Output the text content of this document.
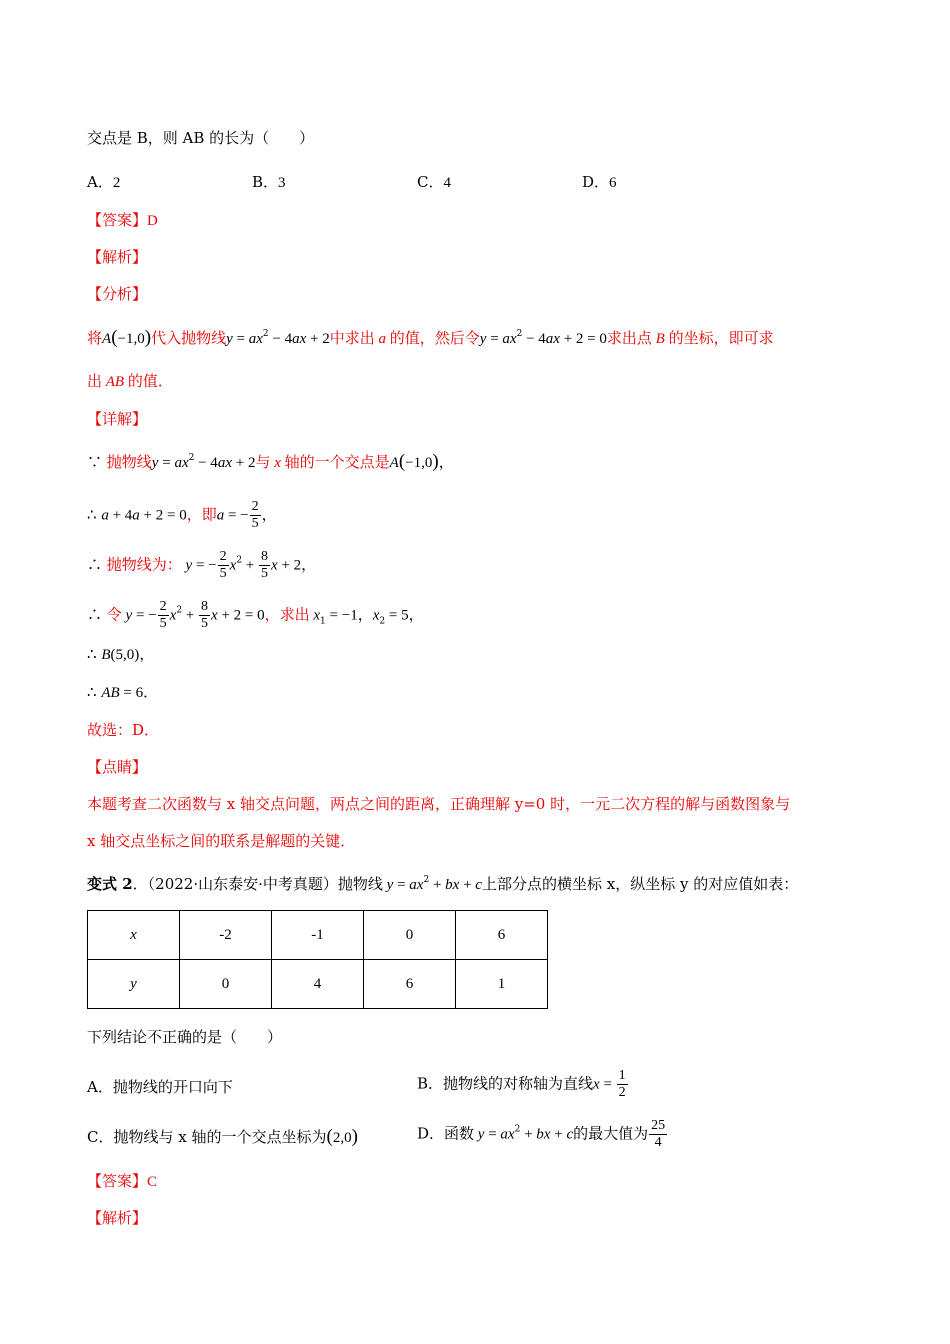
交点是 B，则 AB 的长为（　　）
A．2	B．3	C．4	D．6
【答案】D
【解析】
【分析】
将A(−1,0)代入抛物线$y = ax^2 - 4ax + 2$中求出 a 的值，然后令$y = ax^2 - 4ax + 2 = 0$求出点 B 的坐标，即可求
出 AB 的值．
【详解】
∵ 抛物线$y = ax^2 - 4ax + 2$与 x 轴的一个交点是A(−1,0)，
∴ a + 4a + 2 = 0，即a = − $\frac{2}{5}$ ，
∴ 抛物线为： y = − $\frac{2}{5} x^2 + \frac{8}{5}$ x + 2，
∴ 令 y = − $\frac{2}{5} x^2 + \frac{8}{5}$ x + 2 = 0，求出 $x_1 = -1$，$x_2 = 5$，
∴ B(5,0)，
∴ AB = 6．
故选：D．
【点睛】
本题考查二次函数与 x 轴交点问题，两点之间的距离，正确理解 y=0 时，一元二次方程的解与函数图象与
x 轴交点坐标之间的联系是解题的关键．
变式 2．（2022·山东泰安·中考真题）抛物线 $y = ax^2$ + bx + c上部分点的横坐标 x，纵坐标 y 的对应值如表：
x	-2	-1	0	6
y	0	4	6	1
下列结论不正确的是（　　）
A．抛物线的开口向下	B．抛物线的对称轴为直线$x = \frac{1}{2}$
C．抛物线与 x 轴的一个交点坐标为(2,0)	D．函数 $y = ax^2$ + bx + c的最大值为 $\frac{25}{4}$
【答案】C
【解析】
